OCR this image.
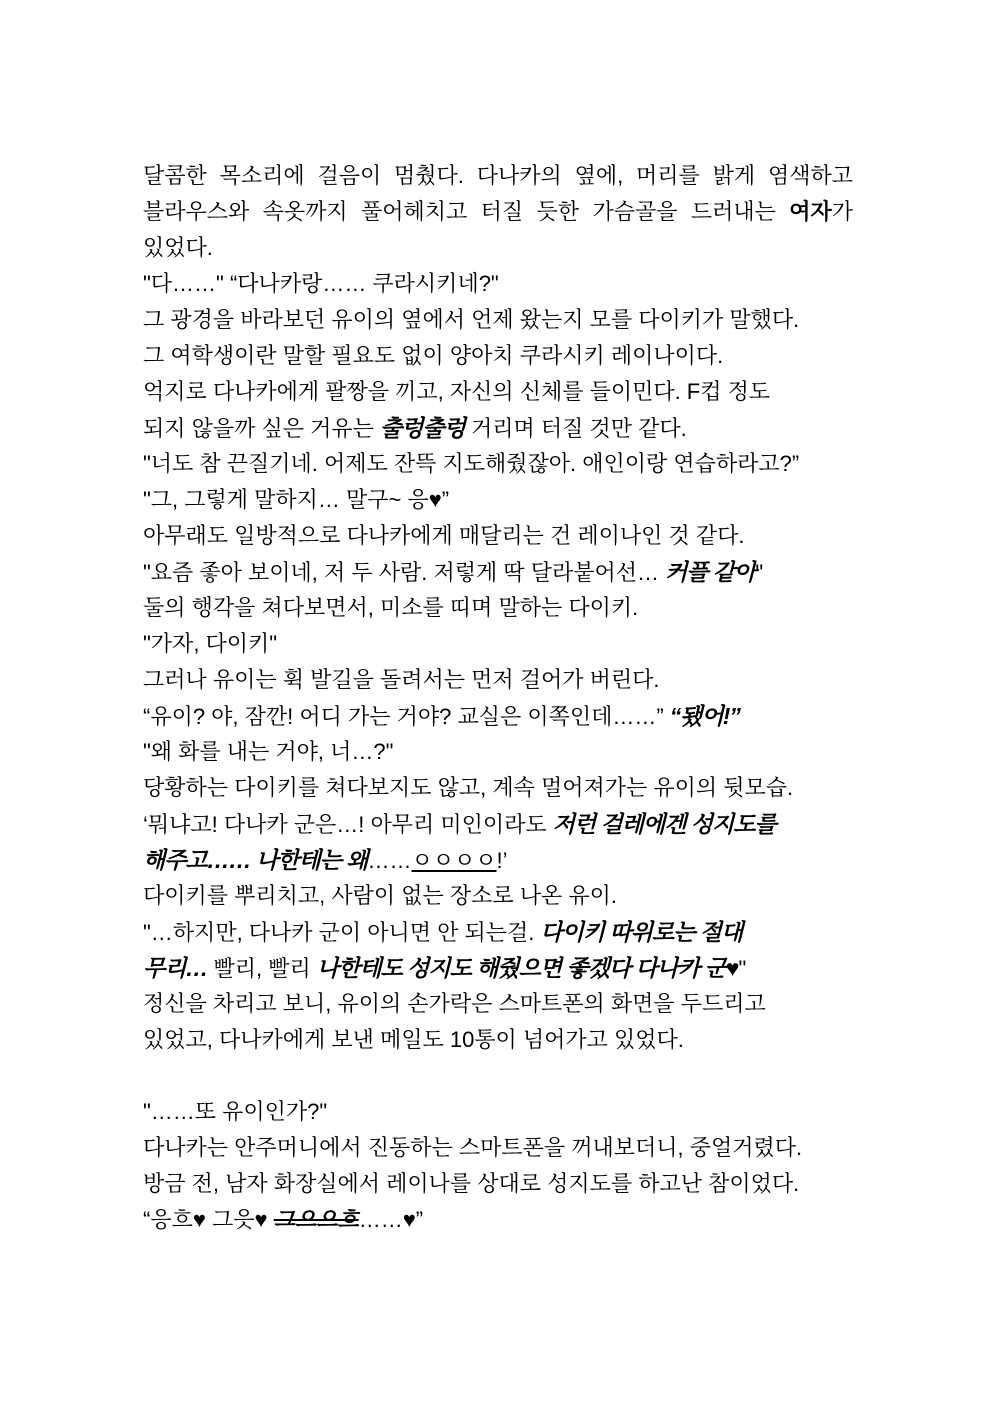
달콤한 목소리에 걸음이 멈췄다. 다나카의 옆에, 머리를 밝게 염색하고
블라우스와 속옷까지 풀어헤치고 터질 듯한 가슴골을 드러내는 여자가
있었다.
"다……" “다나카랑…… 쿠라시키네?"
그 광경을 바라보던 유이의 옆에서 언제 왔는지 모를 다이키가 말했다.
그 여학생이란 말할 필요도 없이 양아치 쿠라시키 레이나이다.
억지로 다나카에게 팔짱을 끼고, 자신의 신체를 들이민다. F컵 정도
되지 않을까 싶은 거유는 출렁출렁 거리며 터질 것만 같다.
"너도 참 끈질기네. 어제도 잔뜩 지도해줬잖아. 애인이랑 연습하라고?”
"그, 그렇게 말하지… 말구~ 응♥”
아무래도 일방적으로 다나카에게 매달리는 건 레이나인 것 같다.
"요즘 좋아 보이네, 저 두 사람. 저렇게 딱 달라붙어선… 커플 같아"
둘의 행각을 쳐다보면서, 미소를 띠며 말하는 다이키.
"가자, 다이키"
그러나 유이는 휙 발길을 돌려서는 먼저 걸어가 버린다.
“유이? 야, 잠깐! 어디 가는 거야? 교실은 이쪽인데……” “됐어!”
"왜 화를 내는 거야, 너…?"
당황하는 다이키를 쳐다보지도 않고, 계속 멀어져가는 유이의 뒷모습.
‘뭐냐고! 다나카 군은…! 아무리 미인이라도 저런 걸레에겐 성지도를
해주고…… 나한테는 왜……ㅇㅇㅇㅇ!’
다이키를 뿌리치고, 사람이 없는 장소로 나온 유이.
"…하지만, 다나카 군이 아니면 안 되는걸. 다이키 따위로는 절대
무리… 빨리, 빨리 나한테도 성지도 해줬으면 좋겠다 다나카 군♥"
정신을 차리고 보니, 유이의 손가락은 스마트폰의 화면을 두드리고
있었고, 다나카에게 보낸 메일도 10통이 넘어가고 있었다.
"……또 유이인가?"
다나카는 안주머니에서 진동하는 스마트폰을 꺼내보더니, 중얼거렸다.
방금 전, 남자 화장실에서 레이나를 상대로 성지도를 하고난 참이었다.
“응흐♥ 그읏♥ 그으으흐……♥”
